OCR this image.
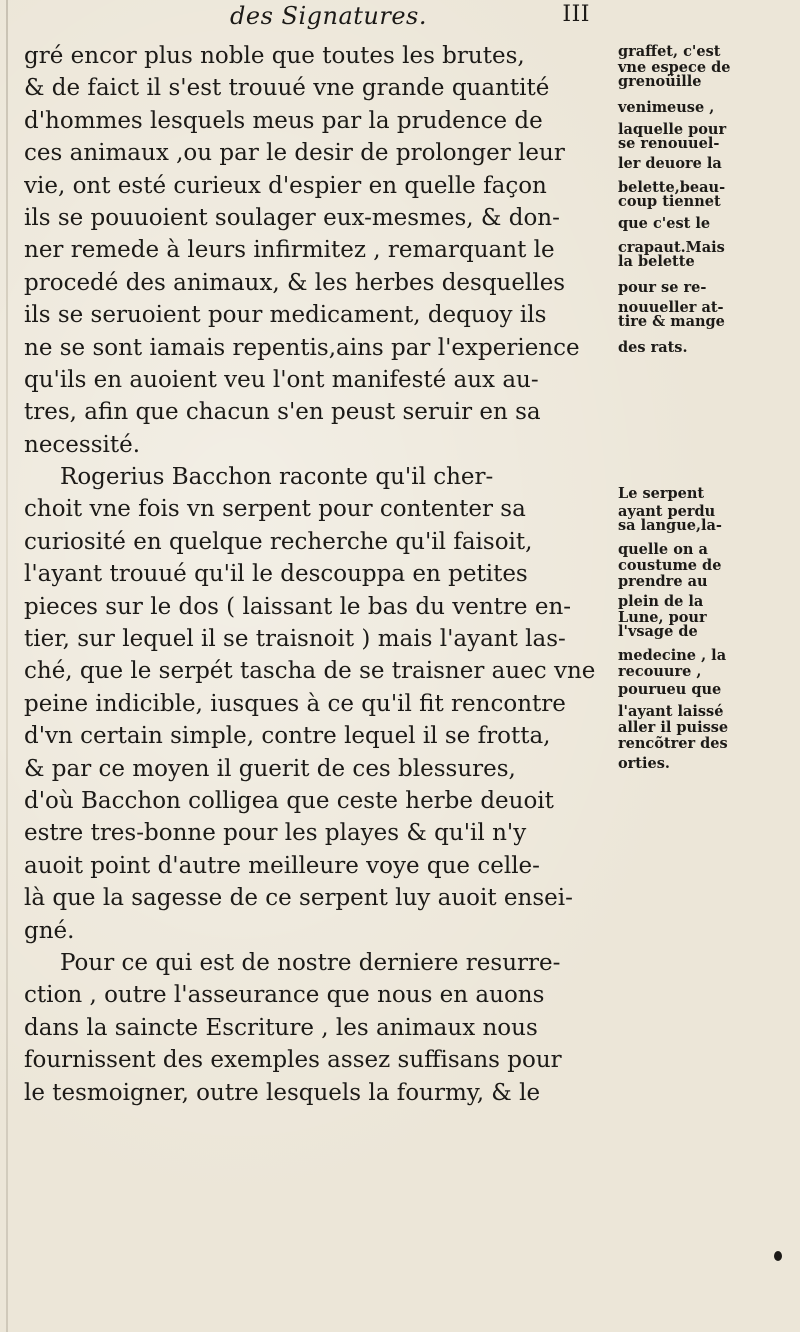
des Signatures.	III
gré encor plus noble que toutes les brutes,
& de faict il s'est trouué vne grande quantité
d'hommes lesquels meus par la prudence de
ces animaux ,ou par le desir de prolonger leur
vie, ont esté curieux d'espier en quelle façon
ils se pouuoient soulager eux-mesmes, & don-
ner remede à leurs infirmitez , remarquant le
procedé des animaux, & les herbes desquelles
ils se seruoient pour medicament, dequoy ils
ne se sont iamais repentis,ains par l'experience
qu'ils en auoient veu l'ont manifesté aux au-
tres, afin que chacun s'en peust seruir en sa
necessité.
Rogerius Bacchon raconte qu'il cher-
choit vne fois vn serpent pour contenter sa
curiosité en quelque recherche qu'il faisoit,
l'ayant trouué qu'il le descouppa en petites
pieces sur le dos ( laissant le bas du ventre en-
tier, sur lequel il se traisnoit ) mais l'ayant las-
ché, que le serpét tascha de se traisner auec vne
peine indicible, iusques à ce qu'il fit rencontre
d'vn certain simple, contre lequel il se frotta,
& par ce moyen il guerit de ces blessures,
d'où Bacchon colligea que ceste herbe deuoit
estre tres-bonne pour les playes & qu'il n'y
auoit point d'autre meilleure voye que celle-
là que la sagesse de ce serpent luy auoit ensei-
gné.
Pour ce qui est de nostre derniere resurre-
ction , outre l'asseurance que nous en auons
dans la saincte Escriture , les animaux nous
fournissent des exemples assez suffisans pour
le tesmoigner, outre lesquels la fourmy, & le
graffet, c'est
vne espece de
grenoüille
venimeuse ,
laquelle pour
se renouuel-
ler deuore la
belette,beau-
coup tiennet
que c'est le
crapaut.Mais
la belette
pour se re-
nouueller at-
tire & mange
des rats.
Le serpent
ayant perdu
sa langue,la-
quelle on a
coustume de
prendre au
plein de la
Lune, pour
l'vsage de
medecine , la
recouure ,
pourueu que
l'ayant laissé
aller il puisse
rencõtrer des
orties.
